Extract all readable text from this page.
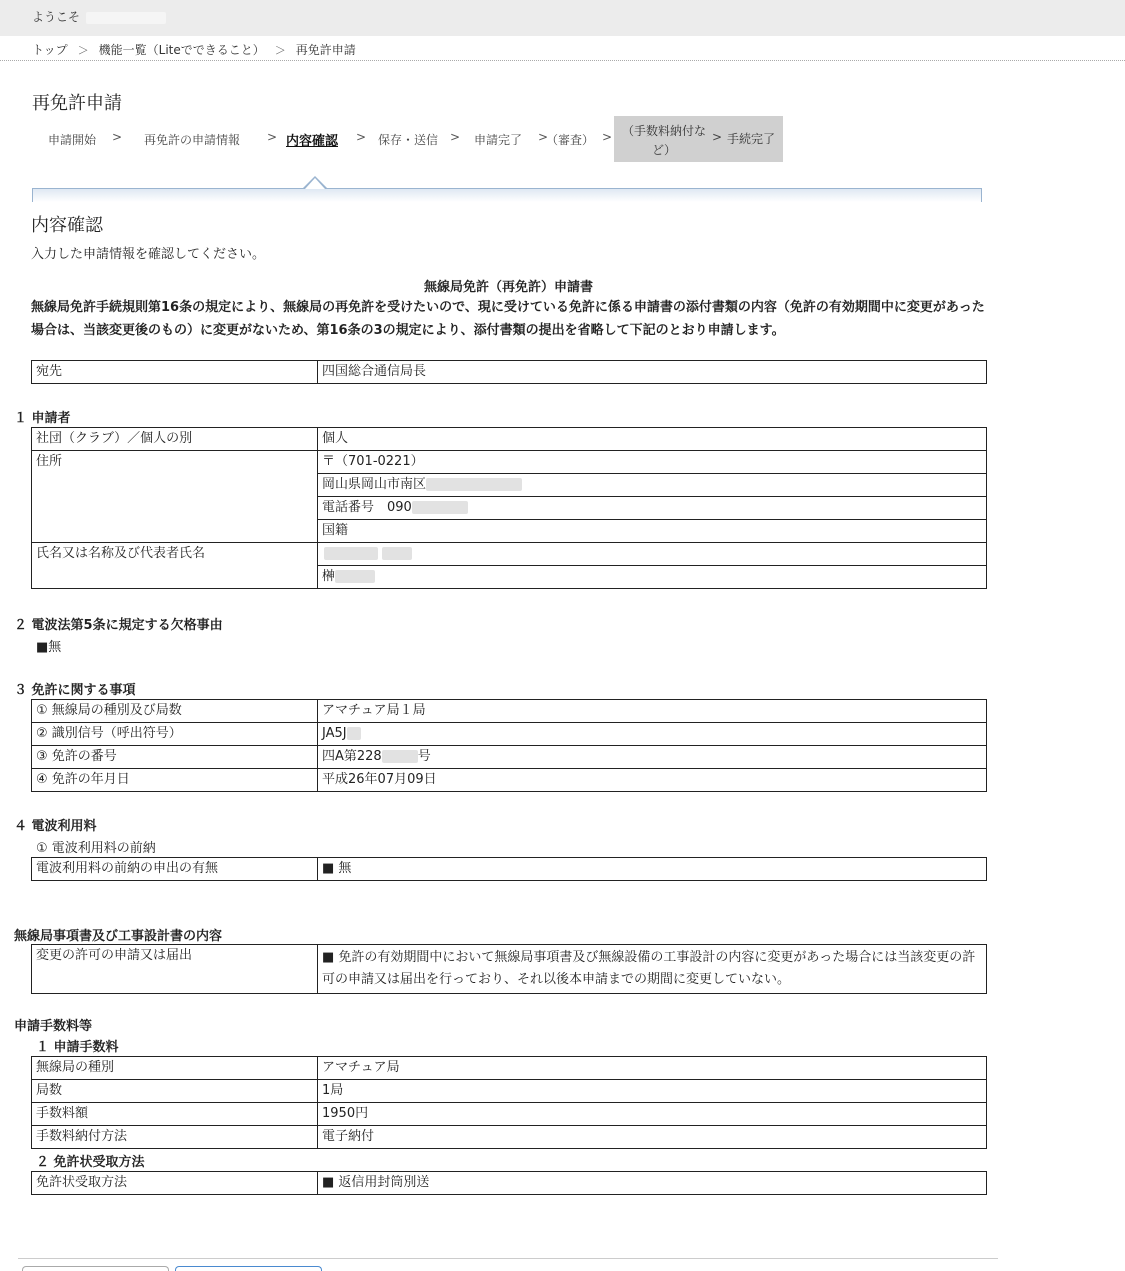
ようこそ
トップ ＞ 機能一覧（Liteでできること） ＞ 再免許申請
再免許申請
申請開始 > 再免許の申請情報 > 内容確認 > 保存・送信 > 申請完了 >
（審査） > （手数料納付など）
> 手続完了
内容確認
入力した申請情報を確認してください。
無線局免許（再免許）申請書
無線局免許手続規則第16条の規定により、無線局の再免許を受けたいので、現に受けている免許に係る申請書の添付書類の内容（免許の有効期間中に変更があった場合は、当該変更後のもの）に変更がないため、第16条の3の規定により、添付書類の提出を省略して下記のとおり申請します。
宛先	四国総合通信局長
１ 申請者
社団（クラブ）／個人の別	個人
住所	〒（701-0221）
	岡山県岡山市南区
	電話番号　090
	国籍
氏名又は名称及び代表者氏名	
	榊
２ 電波法第5条に規定する欠格事由
■無
３ 免許に関する事項
① 無線局の種別及び局数	アマチュア局１局
② 識別信号（呼出符号）	JA5J
③ 免許の番号	四A第228 号
④ 免許の年月日	平成26年07月09日
４ 電波利用料
① 電波利用料の前納
電波利用料の前納の申出の有無	■ 無
無線局事項書及び工事設計書の内容
変更の許可の申請又は届出	■ 免許の有効期間中において無線局事項書及び無線設備の工事設計の内容に変更があった場合には当該変更の許可の申請又は届出を行っており、それ以後本申請までの期間に変更していない。
申請手数料等
１ 申請手数料
無線局の種別	アマチュア局
局数	1局
手数料額	1950円
手数料納付方法	電子納付
２ 免許状受取方法
免許状受取方法	■ 返信用封筒別送
